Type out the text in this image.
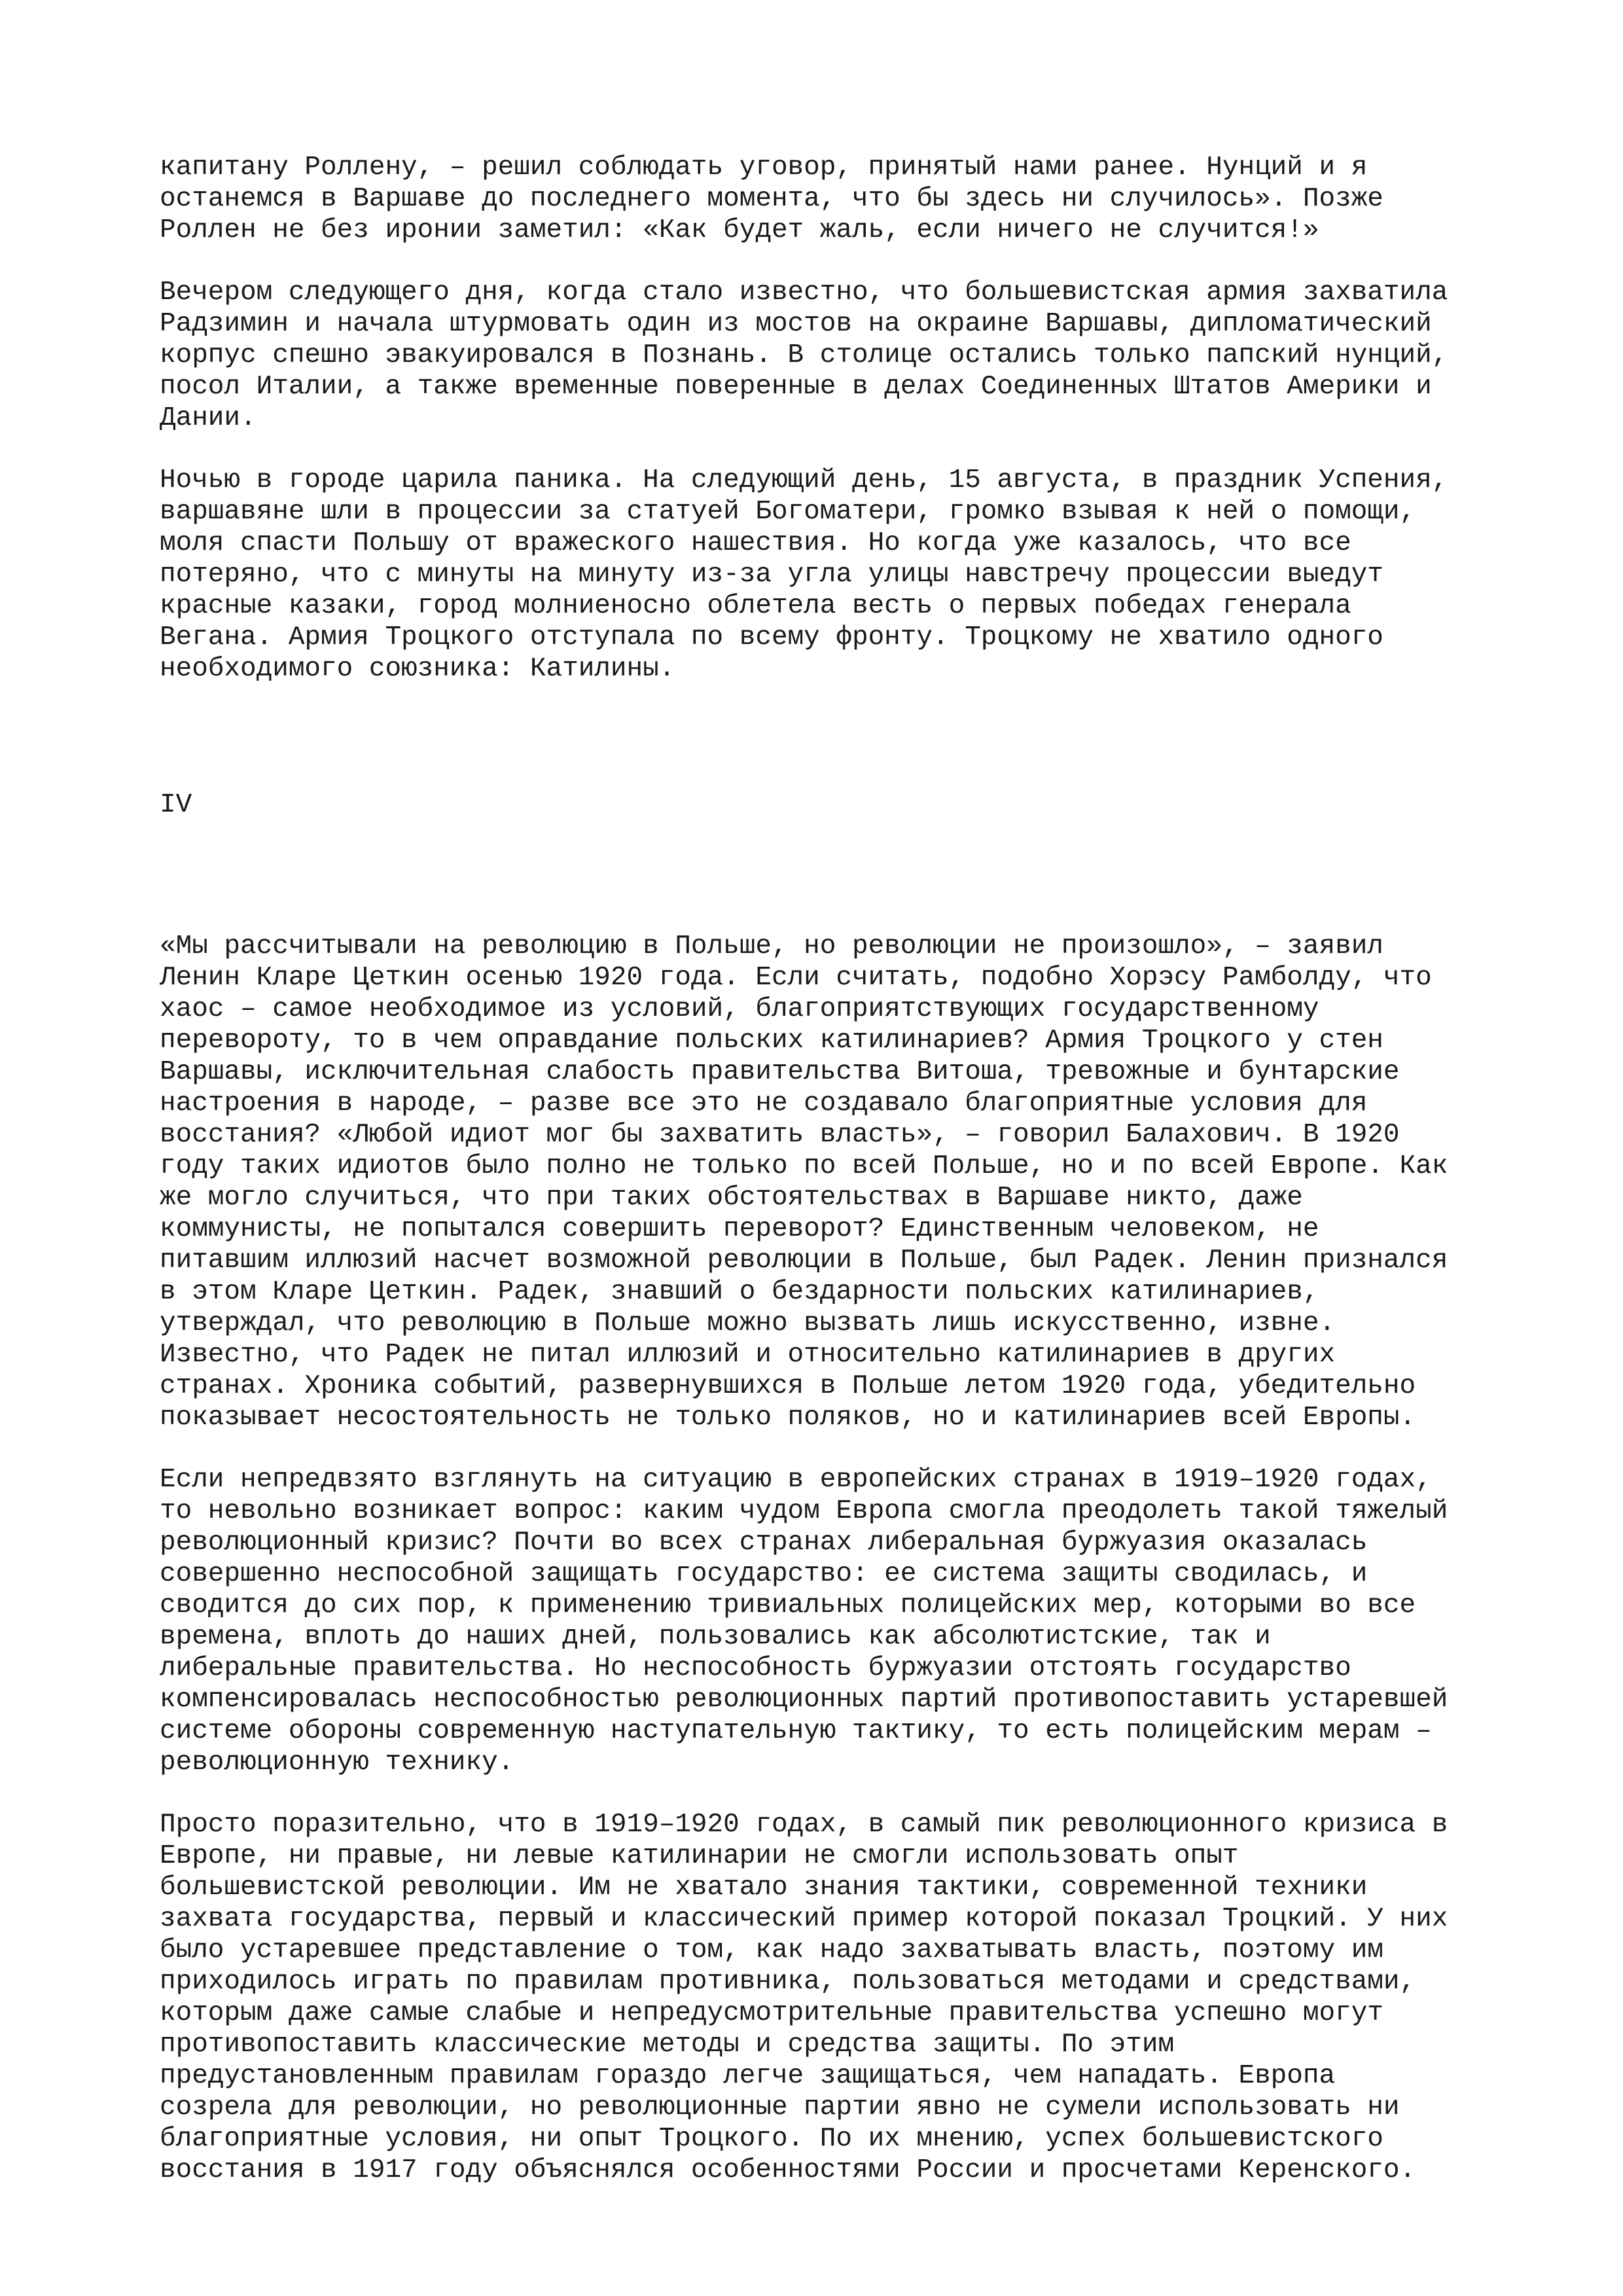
капитану Роллену, – решил соблюдать уговор, принятый нами ранее. Нунций и я
останемся в Варшаве до последнего момента, что бы здесь ни случилось». Позже
Роллен не без иронии заметил: «Как будет жаль, если ничего не случится!»
Вечером следующего дня, когда стало известно, что большевистская армия захватила
Радзимин и начала штурмовать один из мостов на окраине Варшавы, дипломатический
корпус спешно эвакуировался в Познань. В столице остались только папский нунций,
посол Италии, а также временные поверенные в делах Соединенных Штатов Америки и
Дании.
Ночью в городе царила паника. На следующий день, 15 августа, в праздник Успения,
варшавяне шли в процессии за статуей Богоматери, громко взывая к ней о помощи,
моля спасти Польшу от вражеского нашествия. Но когда уже казалось, что все
потеряно, что с минуты на минуту из-за угла улицы навстречу процессии выедут
красные казаки, город молниеносно облетела весть о первых победах генерала
Вегана. Армия Троцкого отступала по всему фронту. Троцкому не хватило одного
необходимого союзника: Катилины.
IV
«Мы рассчитывали на революцию в Польше, но революции не произошло», – заявил
Ленин Кларе Цеткин осенью 1920 года. Если считать, подобно Хорэсу Рамболду, что
хаос – самое необходимое из условий, благоприятствующих государственному
перевороту, то в чем оправдание польских катилинариев? Армия Троцкого у стен
Варшавы, исключительная слабость правительства Витоша, тревожные и бунтарские
настроения в народе, – разве все это не создавало благоприятные условия для
восстания? «Любой идиот мог бы захватить власть», – говорил Балахович. В 1920
году таких идиотов было полно не только по всей Польше, но и по всей Европе. Как
же могло случиться, что при таких обстоятельствах в Варшаве никто, даже
коммунисты, не попытался совершить переворот? Единственным человеком, не
питавшим иллюзий насчет возможной революции в Польше, был Радек. Ленин признался
в этом Кларе Цеткин. Радек, знавший о бездарности польских катилинариев,
утверждал, что революцию в Польше можно вызвать лишь искусственно, извне.
Известно, что Радек не питал иллюзий и относительно катилинариев в других
странах. Хроника событий, развернувшихся в Польше летом 1920 года, убедительно
показывает несостоятельность не только поляков, но и катилинариев всей Европы.
Если непредвзято взглянуть на ситуацию в европейских странах в 1919–1920 годах,
то невольно возникает вопрос: каким чудом Европа смогла преодолеть такой тяжелый
революционный кризис? Почти во всех странах либеральная буржуазия оказалась
совершенно неспособной защищать государство: ее система защиты сводилась, и
сводится до сих пор, к применению тривиальных полицейских мер, которыми во все
времена, вплоть до наших дней, пользовались как абсолютистские, так и
либеральные правительства. Но неспособность буржуазии отстоять государство
компенсировалась неспособностью революционных партий противопоставить устаревшей
системе обороны современную наступательную тактику, то есть полицейским мерам –
революционную технику.
Просто поразительно, что в 1919–1920 годах, в самый пик революционного кризиса в
Европе, ни правые, ни левые катилинарии не смогли использовать опыт
большевистской революции. Им не хватало знания тактики, современной техники
захвата государства, первый и классический пример которой показал Троцкий. У них
было устаревшее представление о том, как надо захватывать власть, поэтому им
приходилось играть по правилам противника, пользоваться методами и средствами,
которым даже самые слабые и непредусмотрительные правительства успешно могут
противопоставить классические методы и средства защиты. По этим
предустановленным правилам гораздо легче защищаться, чем нападать. Европа
созрела для революции, но революционные партии явно не сумели использовать ни
благоприятные условия, ни опыт Троцкого. По их мнению, успех большевистского
восстания в 1917 году объяснялся особенностями России и просчетами Керенского.
